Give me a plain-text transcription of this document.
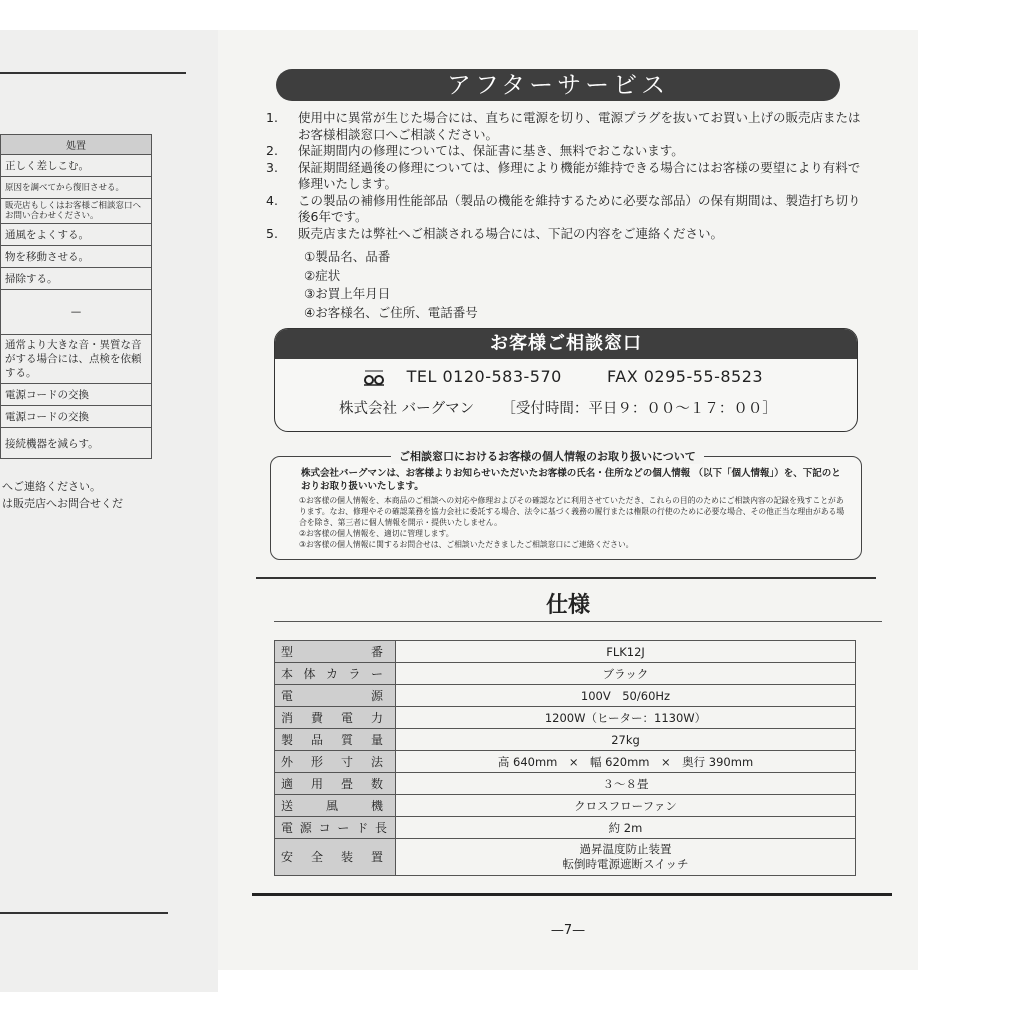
処置
正しく差しこむ。
原因を調べてから復旧させる。
販売店もしくはお客様ご相談窓口へお問い合わせください。
通風をよくする。
物を移動させる。
掃除する。
—
通常より大きな音・異質な音がする場合には、点検を依頼する。
電源コードの交換
電源コードの交換
接続機器を減らす。
へご連絡ください。
は販売店へお問合せくだ
アフターサービス
1. 使用中に異常が生じた場合には、直ちに電源を切り、電源プラグを抜いてお買い上げの販売店またはお客様相談窓口へご相談ください。
2. 保証期間内の修理については、保証書に基き、無料でおこないます。
3. 保証期間経過後の修理については、修理により機能が維持できる場合にはお客様の要望により有料で修理いたします。
4. この製品の補修用性能部品（製品の機能を維持するために必要な部品）の保有期間は、製造打ち切り後6年です。
5. 販売店または弊社へご相談される場合には、下記の内容をご連絡ください。
①製品名、品番
②症状
③お買上年月日
④お客様名、ご住所、電話番号
お客様ご相談窓口
TEL 0120-583-570	FAX 0295-55-8523
株式会社 バーグマン ［受付時間：平日９：００～１７：００］
ご相談窓口におけるお客様の個人情報のお取り扱いについて
株式会社バーグマンは、お客様よりお知らせいただいたお客様の氏名・住所などの個人情報 （以下「個人情報」）を、下記のとおりお取り扱いいたします。
①お客様の個人情報を、本商品のご相談への対応や修理およびその確認などに利用させていただき、これらの目的のためにご相談内容の記録を残すことがあります。なお、修理やその確認業務を協力会社に委託する場合、法令に基づく義務の履行または権限の行使のために必要な場合、その他正当な理由がある場合を除き、第三者に個人情報を開示・提供いたしません。
②お客様の個人情報を、適切に管理します。
③お客様の個人情報に関するお問合せは、ご相談いただきましたご相談窓口にご連絡ください。
仕様
型番	FLK12J
本体カラー	ブラック
電源	100V　50/60Hz
消費電力	1200W（ヒーター：1130W）
製品質量	27kg
外形寸法	高 640mm　×　幅 620mm　×　奥行 390mm
適用畳数	３～８畳
送風機	クロスフローファン
電源コード長	約 2m
安全装置	過昇温度防止装置
転倒時電源遮断スイッチ
—7—
